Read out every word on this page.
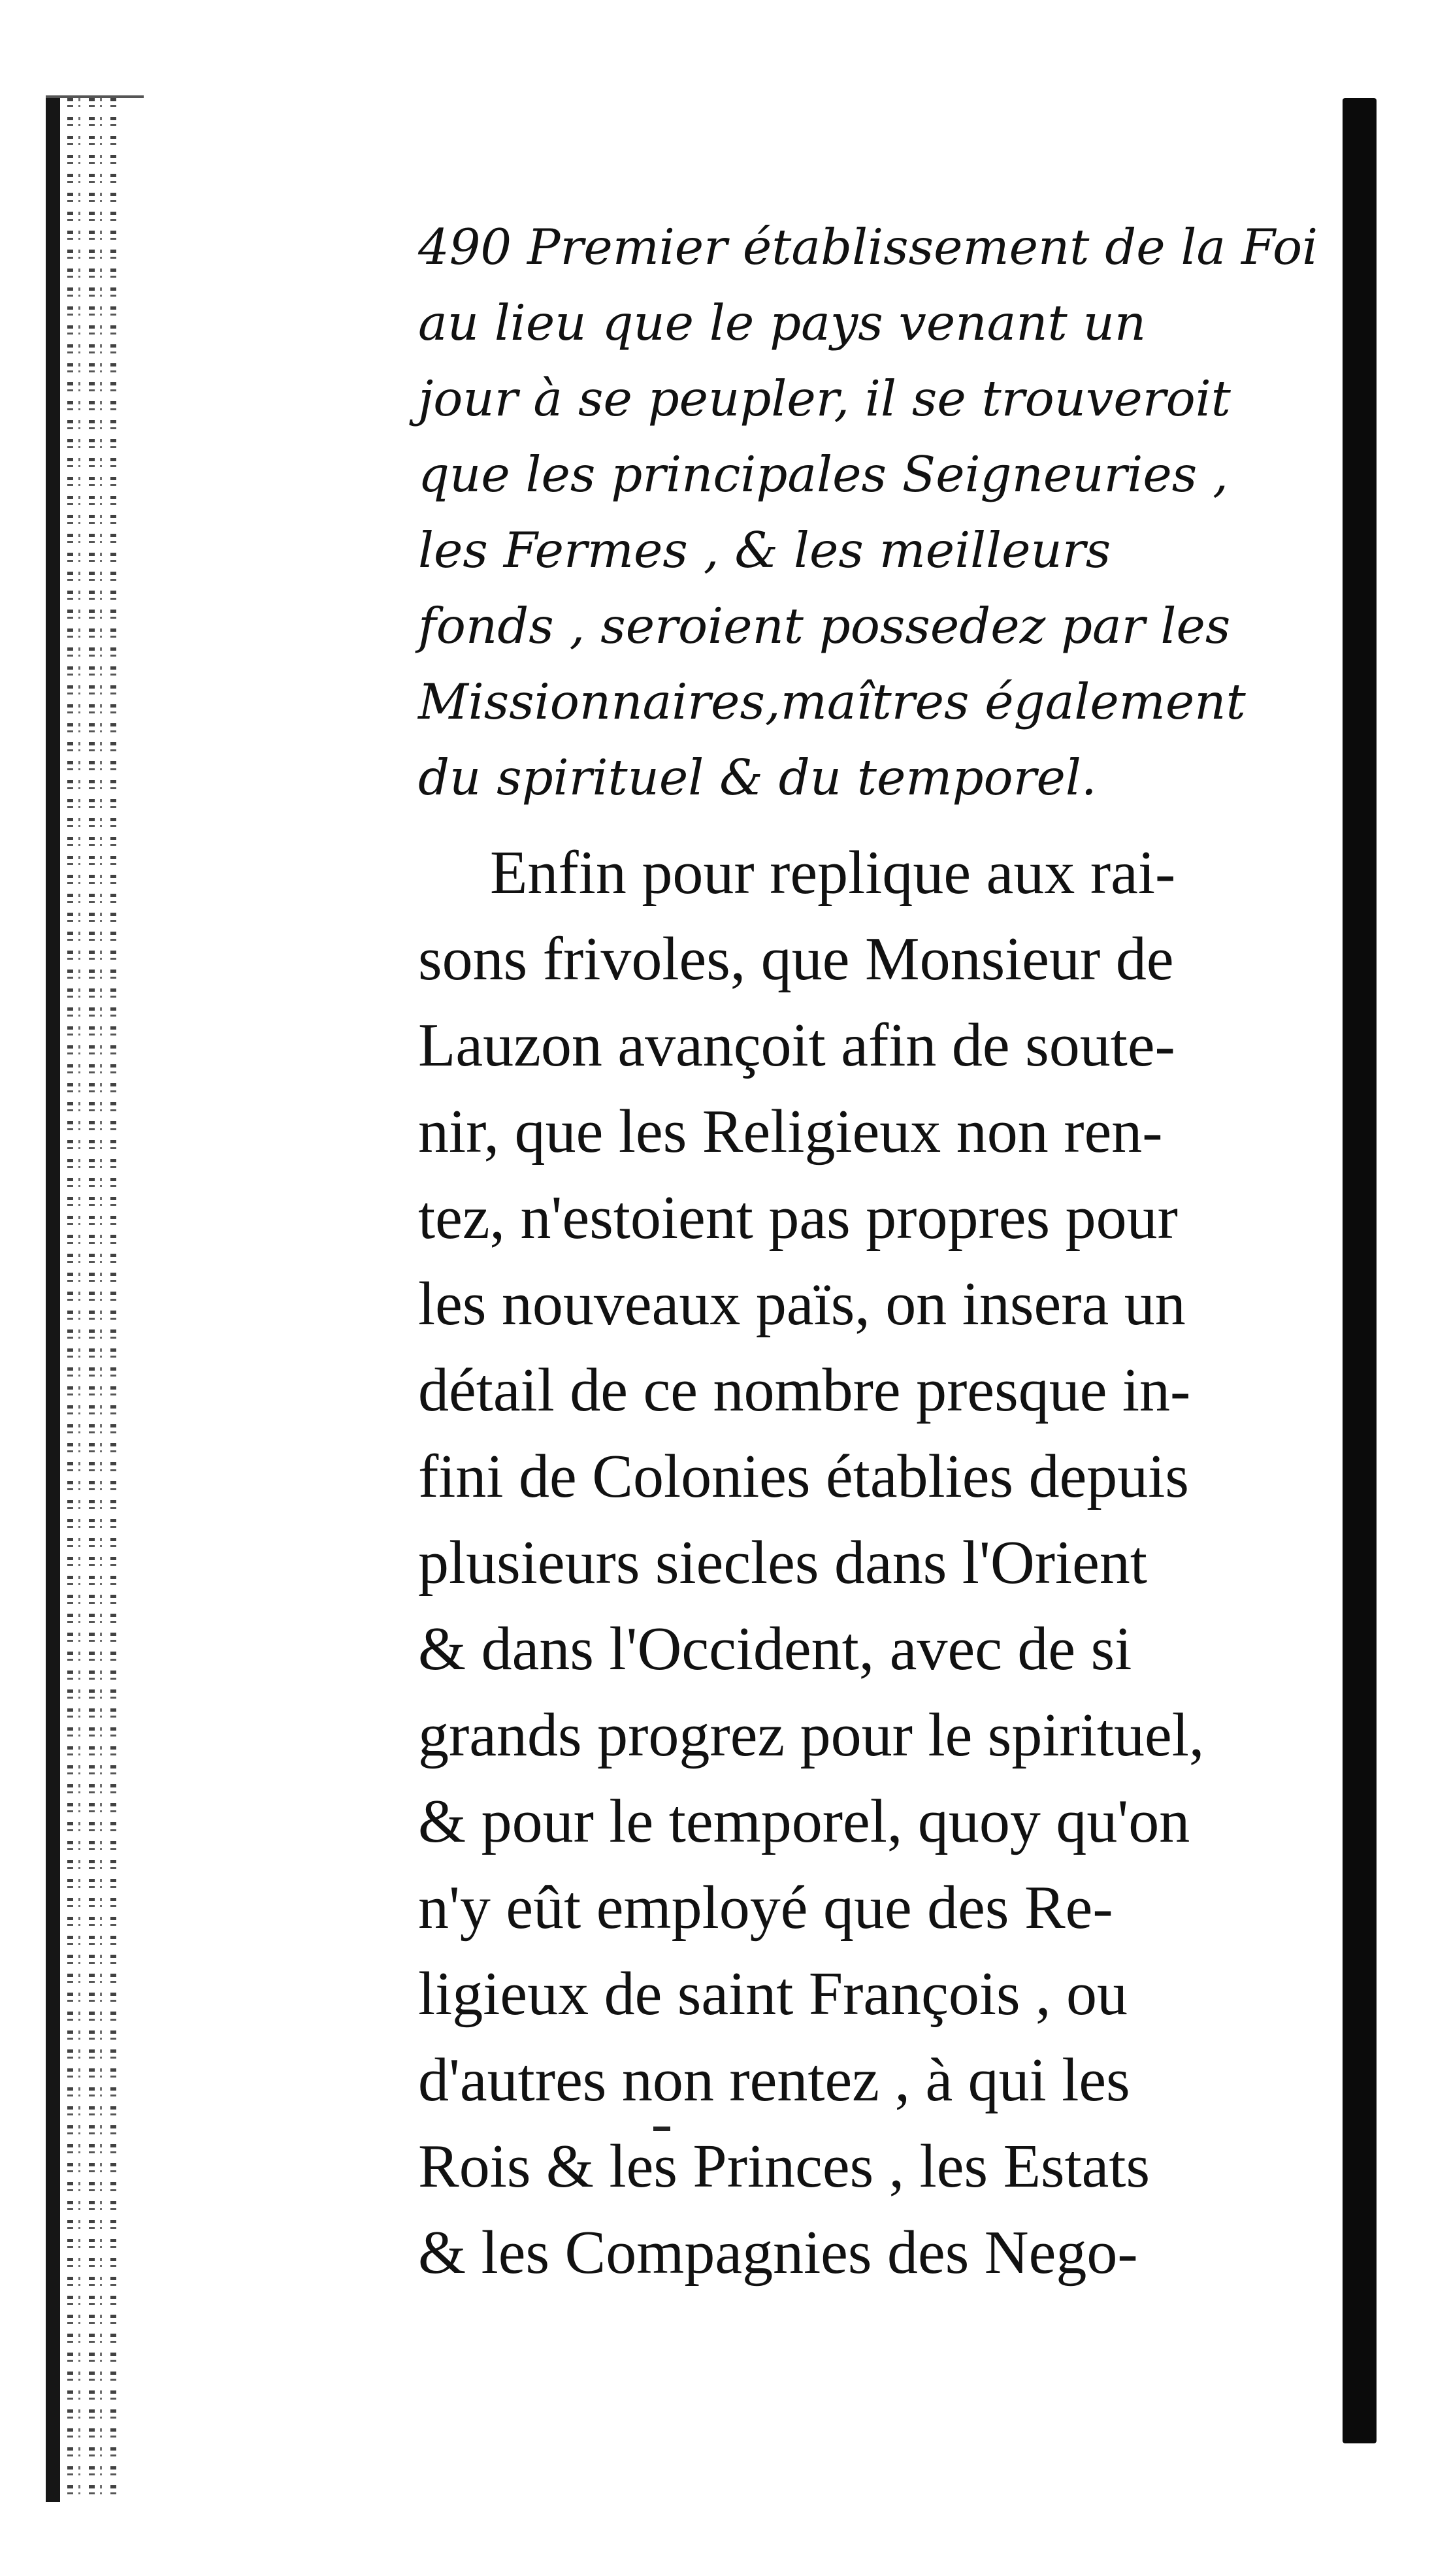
490 Premier établissement de la Foi

au lieu que le pays venant un

jour à se peupler, il se trouveroit

que les principales Seigneuries ,

les Fermes , & les meilleurs

fonds , seroient possedez par les

Missionnaires,maîtres également

du spirituel & du temporel.

Enfin pour replique aux rai-

sons frivoles, que Monsieur de

Lauzon avançoit afin de soute-

nir, que les Religieux non ren-

tez, n'estoient pas propres pour

les nouveaux païs, on insera un

détail de ce nombre presque in-

fini de Colonies établies depuis

plusieurs siecles dans l'Orient

& dans l'Occident, avec de si

grands progrez pour le spirituel,

& pour le temporel, quoy qu'on

n'y eût employé que des Re-

ligieux de saint François , ou

d'autres non rentez , à qui les

Rois & les Princes , les Estats

& les Compagnies des Nego-
